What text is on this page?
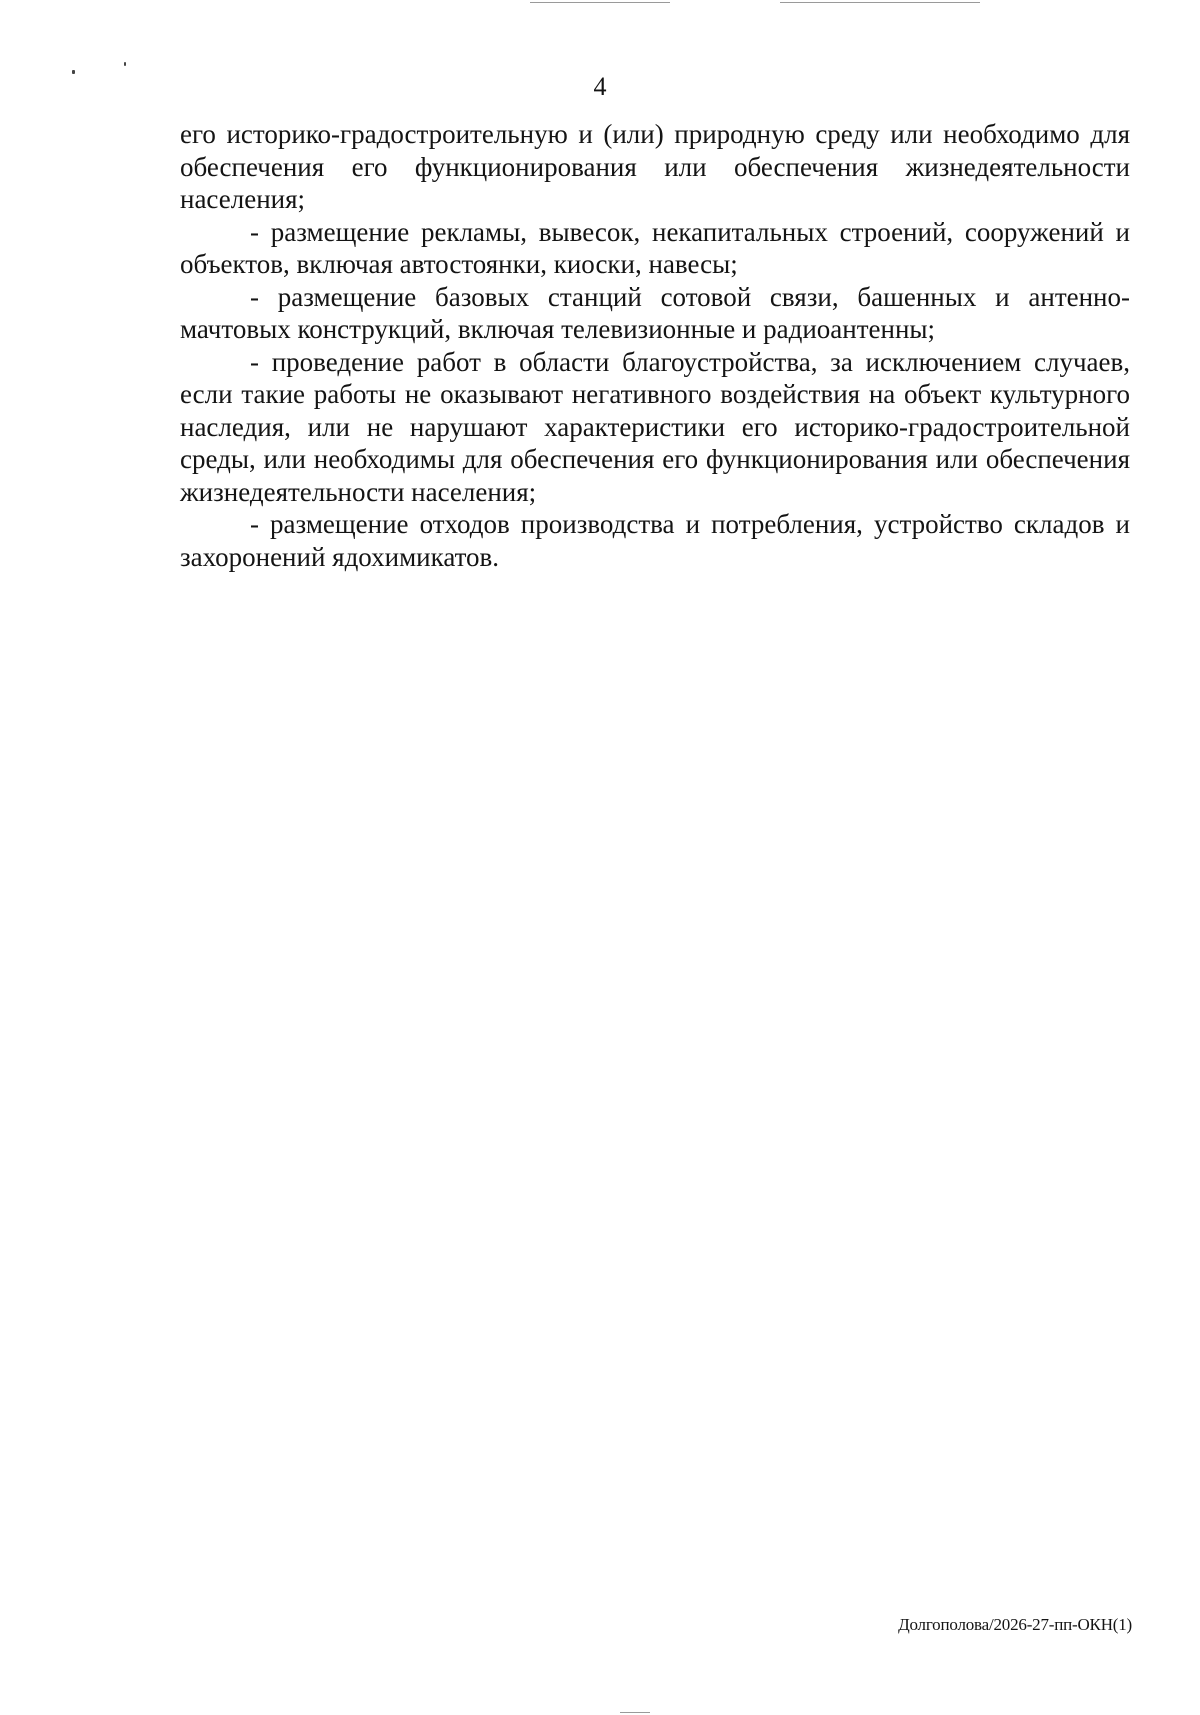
4

его историко-градостроительную и (или) природную среду или необходимо для обеспечения его функционирования или обеспечения жизнедеятельности населения;

- размещение рекламы, вывесок, некапитальных строений, сооружений и объектов, включая автостоянки, киоски, навесы;

- размещение базовых станций сотовой связи, башенных и антенно-мачтовых конструкций, включая телевизионные и радиоантенны;

- проведение работ в области благоустройства, за исключением случаев, если такие работы не оказывают негативного воздействия на объект культурного наследия, или не нарушают характеристики его историко-градостроительной среды, или необходимы для обеспечения его функционирования или обеспечения жизнедеятельности населения;

- размещение отходов производства и потребления, устройство складов и захоронений ядохимикатов.

Долгополова/2026-27-пп-ОКН(1)
